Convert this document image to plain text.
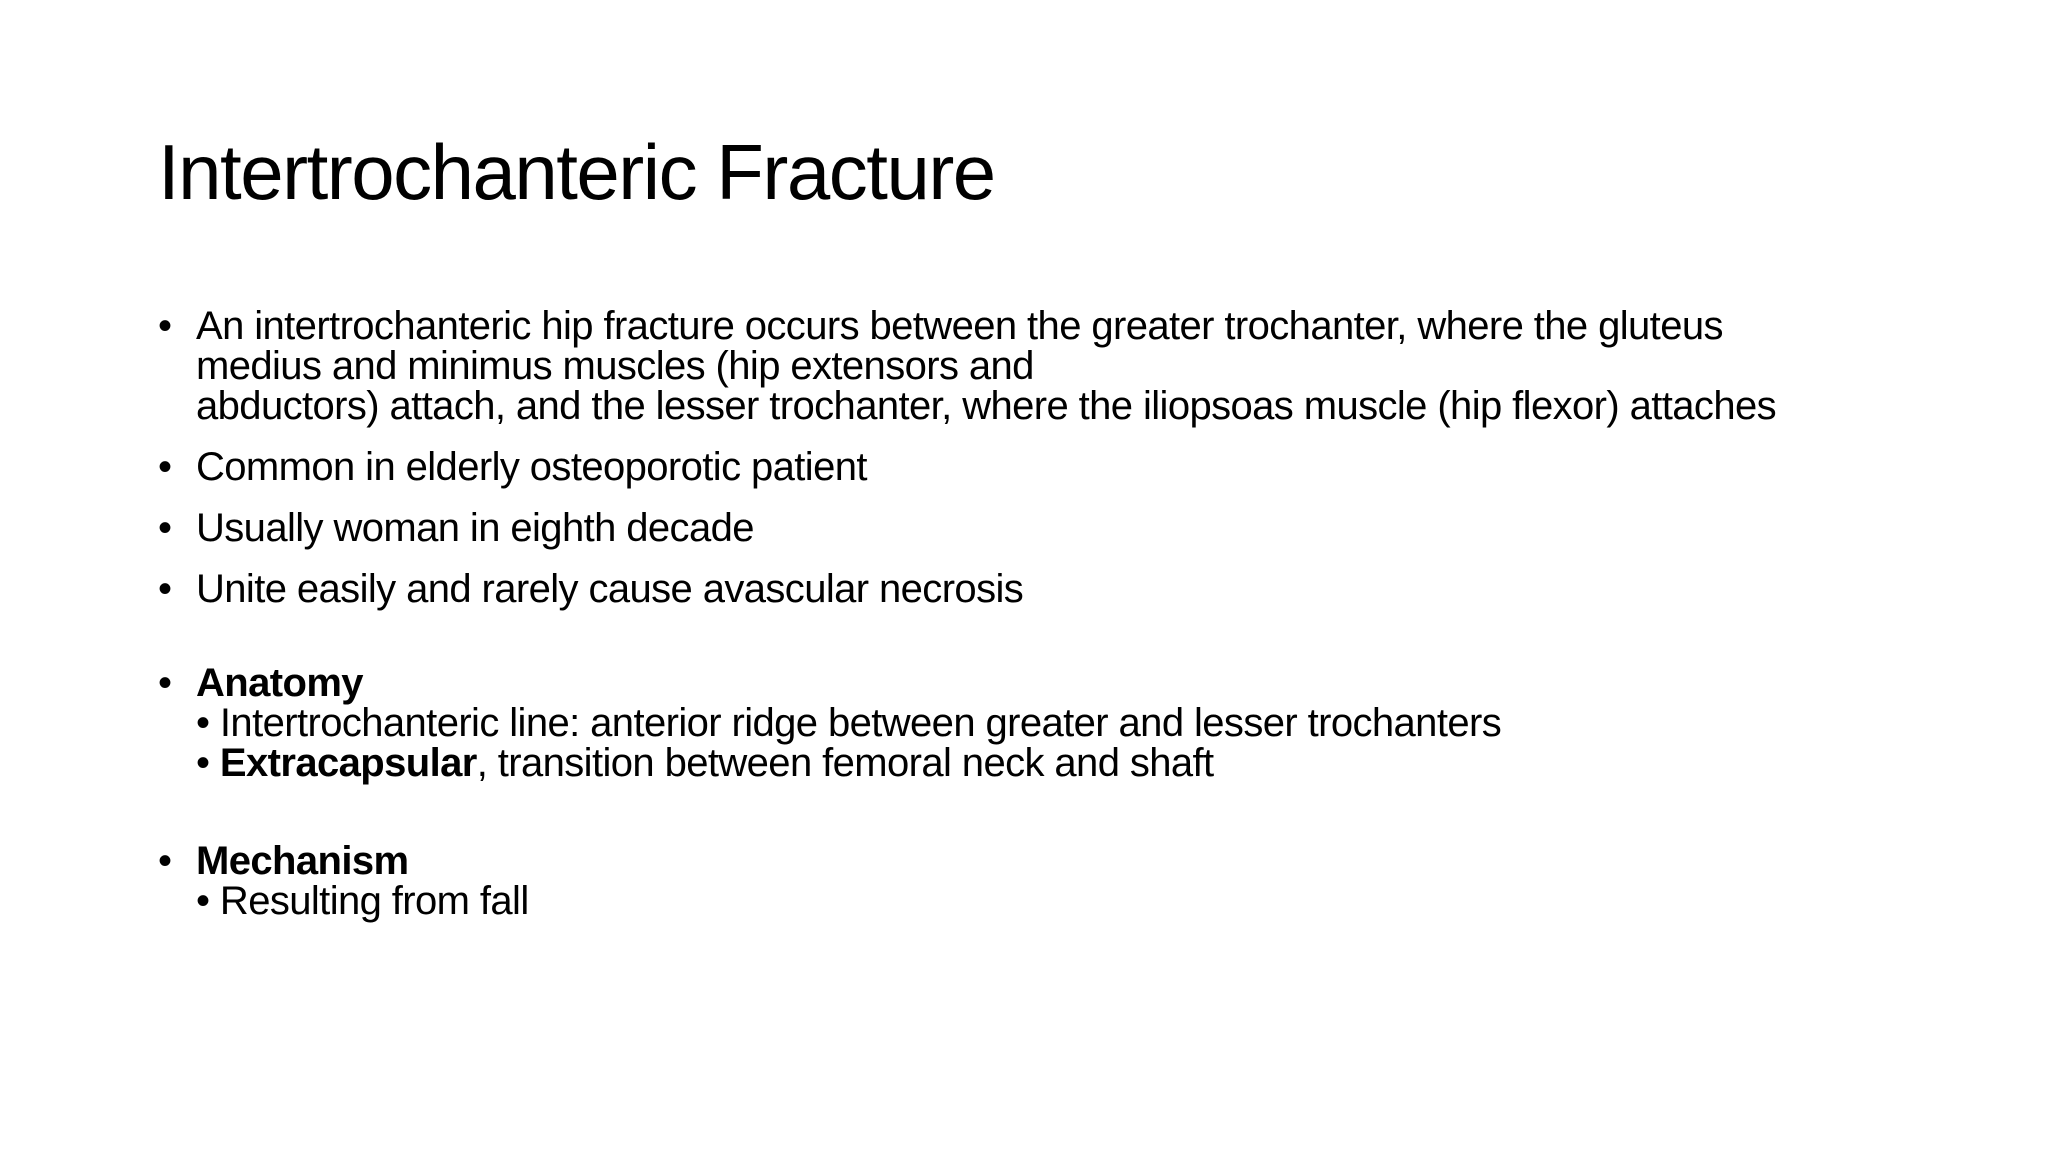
Intertrochanteric Fracture
• An intertrochanteric hip fracture occurs between the greater trochanter, where the gluteus
medius and minimus muscles (hip extensors and
abductors) attach, and the lesser trochanter, where the iliopsoas muscle (hip flexor) attaches
• Common in elderly osteoporotic patient
• Usually woman in eighth decade
• Unite easily and rarely cause avascular necrosis
• Anatomy
• Intertrochanteric line: anterior ridge between greater and lesser trochanters
• Extracapsular, transition between femoral neck and shaft
• Mechanism
• Resulting from fall
